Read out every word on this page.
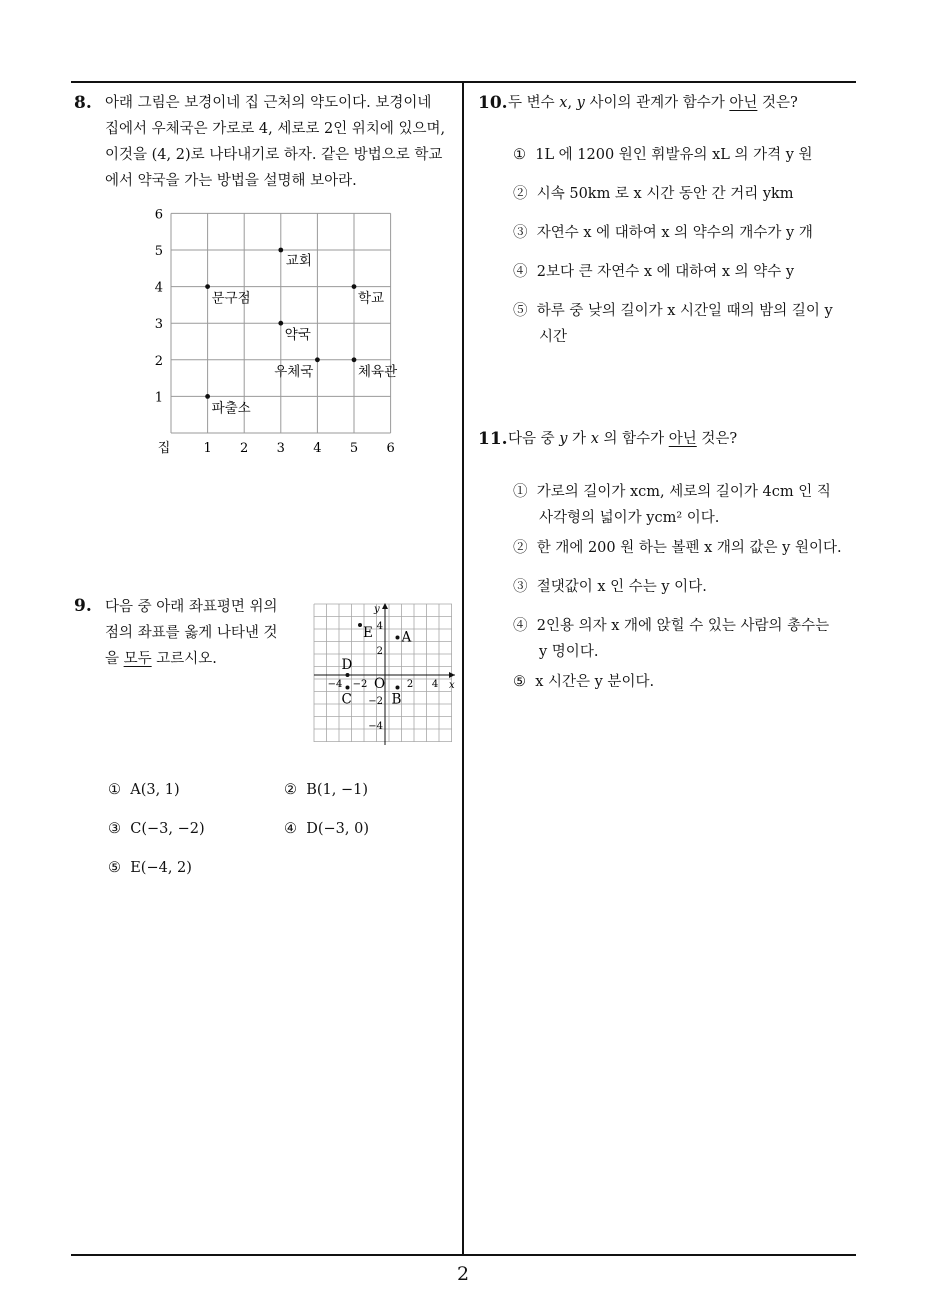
8. 아래 그림은 보경이네 집 근처의 약도이다. 보경이네
집에서 우체국은 가로로 4, 세로로 2인 위치에 있으며,
이것을 (4, 2)로 나타내기로 하자. 같은 방법으로 학교
에서 약국을 가는 방법을 설명해 보아라.
1 2 3 4 5 6
1
2
3
4
5
6
집
교회
문구점	학교
약국
우체국	체육관
파출소
9. 다음 중 아래 좌표평면 위의
점의 좌표를 옳게 나타낸 것
을 모두 고르시오.
x
y
O
−4 −2	2 4
4
2
−2
−4
A
B
C
D
E
① A(3, 1)	② B(1, −1)
③ C(−3, −2)	④ D(−3, 0)
⑤ E(−4, 2)
10. 두 변수 x, y 사이의 관계가 함수가 아닌 것은?
① 1L 에 1200 원인 휘발유의 xL 의 가격 y 원
② 시속 50km 로 x 시간 동안 간 거리 ykm
③ 자연수 x 에 대하여 x 의 약수의 개수가 y 개
④ 2보다 큰 자연수 x 에 대하여 x 의 약수 y
⑤ 하루 중 낮의 길이가 x 시간일 때의 밤의 길이 y
시간
11. 다음 중 y 가 x 의 함수가 아닌 것은?
① 가로의 길이가 xcm, 세로의 길이가 4cm 인 직
사각형의 넓이가 ycm² 이다.
② 한 개에 200 원 하는 볼펜 x 개의 값은 y 원이다.
③ 절댓값이 x 인 수는 y 이다.
④ 2인용 의자 x 개에 앉힐 수 있는 사람의 총수는
y 명이다.
⑤ x 시간은 y 분이다.
2
